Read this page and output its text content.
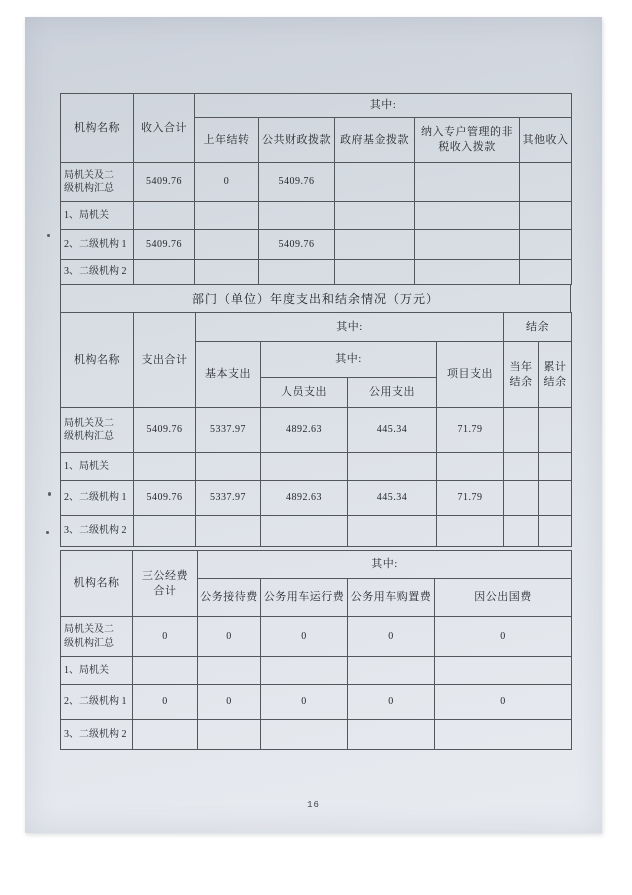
机构名称	收入合计	其中:				
		上年结转	公共财政拨款	政府基金拨款	纳入专户管理的非税收入拨款	其他收入
局机关及二级机构汇总	5409.76	0	5409.76			
1、局机关						
2、二级机构 1	5409.76		5409.76			
3、二级机构 2						
部门（单位）年度支出和结余情况（万元）
机构名称	支出合计	其中:				结余	
		基本支出	其中:		项目支出	当年结余	累计结余
			人员支出	公用支出			
局机关及二级机构汇总	5409.76	5337.97	4892.63	445.34	71.79		
1、局机关							
2、二级机构 1	5409.76	5337.97	4892.63	445.34	71.79		
3、二级机构 2							
机构名称	三公经费合计	其中:			
		公务接待费	公务用车运行费	公务用车购置费	因公出国费
局机关及二级机构汇总	0	0	0	0	0
1、局机关					
2、二级机构 1	0	0	0	0	0
3、二级机构 2					
16
